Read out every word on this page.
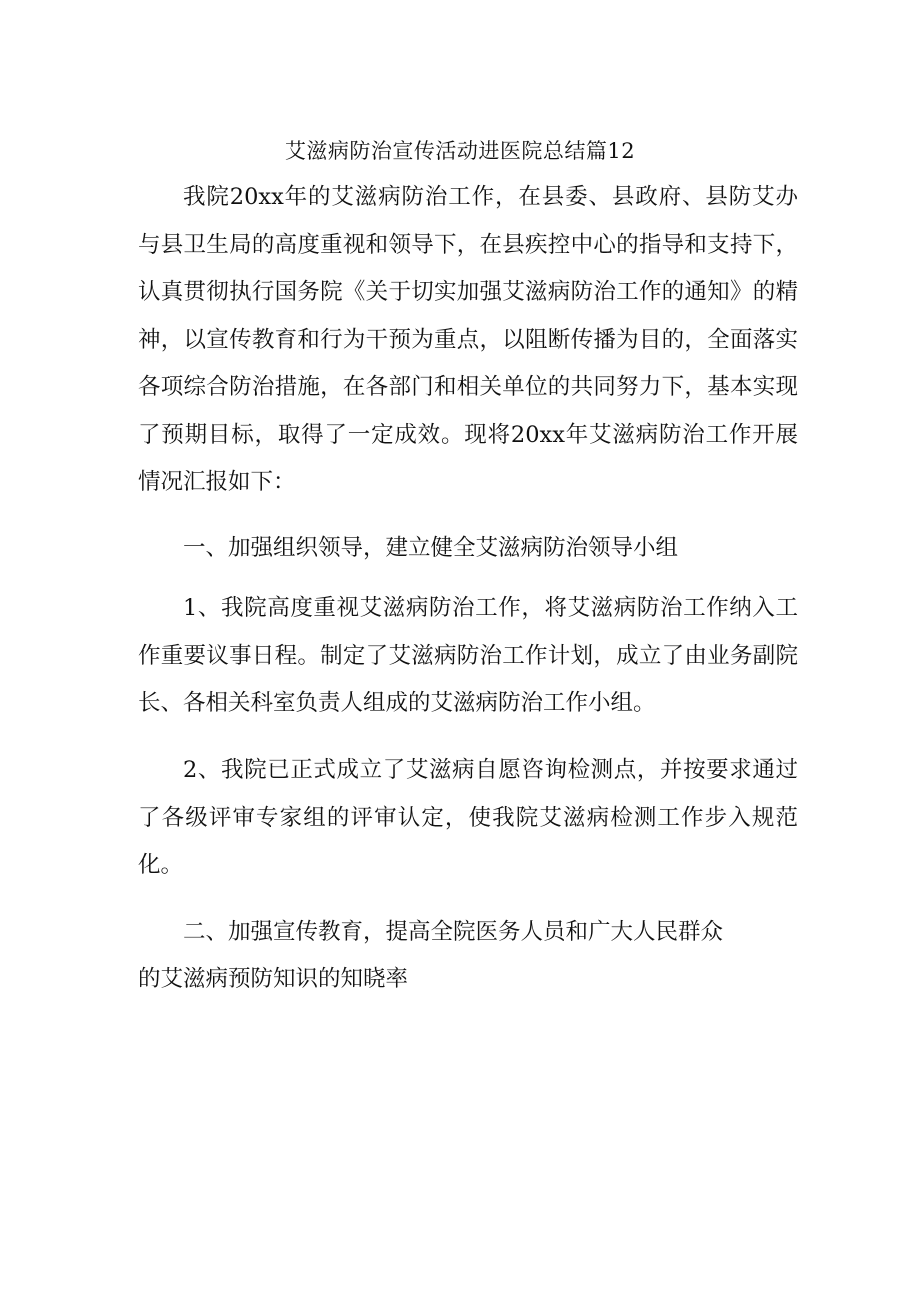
艾滋病防治宣传活动进医院总结篇12

我院20xx年的艾滋病防治工作，在县委、县政府、县防艾办与县卫生局的高度重视和领导下，在县疾控中心的指导和支持下，认真贯彻执行国务院《关于切实加强艾滋病防治工作的通知》的精神，以宣传教育和行为干预为重点，以阻断传播为目的，全面落实各项综合防治措施，在各部门和相关单位的共同努力下，基本实现了预期目标，取得了一定成效。现将20xx年艾滋病防治工作开展情况汇报如下：

一、加强组织领导，建立健全艾滋病防治领导小组

1、我院高度重视艾滋病防治工作，将艾滋病防治工作纳入工作重要议事日程。制定了艾滋病防治工作计划，成立了由业务副院长、各相关科室负责人组成的艾滋病防治工作小组。

2、我院已正式成立了艾滋病自愿咨询检测点，并按要求通过了各级评审专家组的评审认定，使我院艾滋病检测工作步入规范化。

二、加强宣传教育，提高全院医务人员和广大人民群众

的艾滋病预防知识的知晓率
